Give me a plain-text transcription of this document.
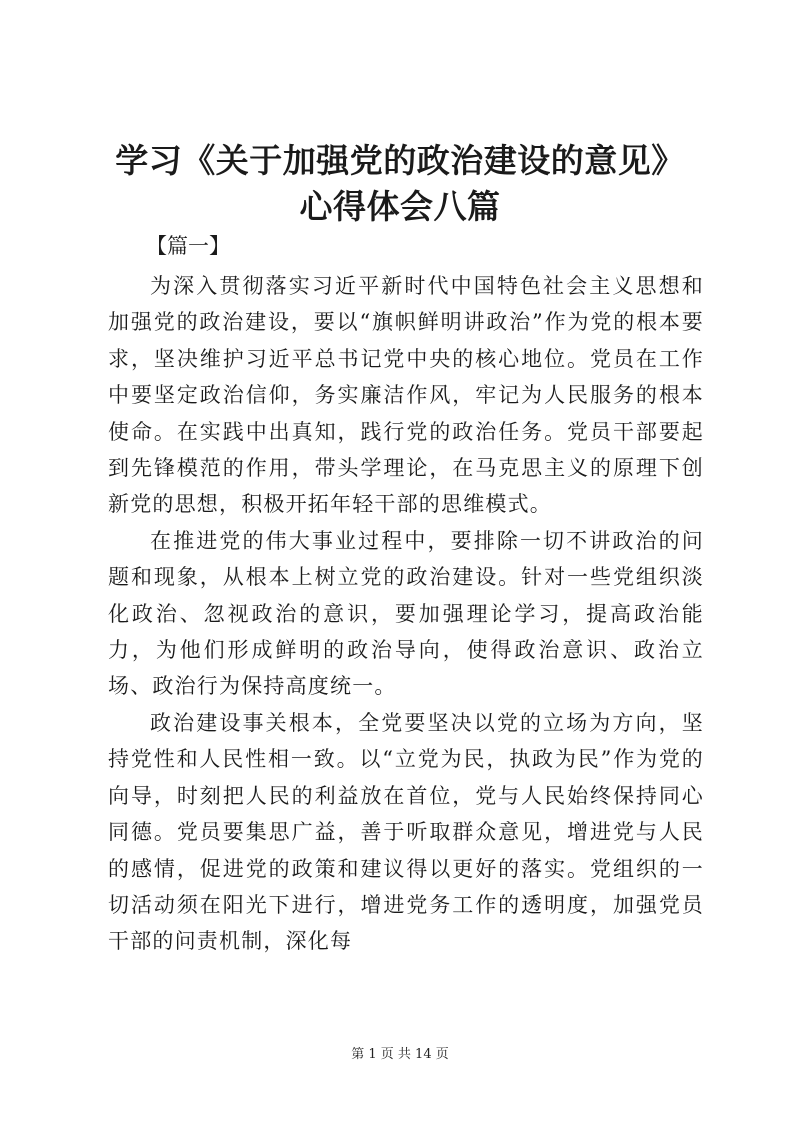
学习《关于加强党的政治建设的意见》心得体会八篇
【篇一】

为深入贯彻落实习近平新时代中国特色社会主义思想和加强党的政治建设，要以“旗帜鲜明讲政治”作为党的根本要求，坚决维护习近平总书记党中央的核心地位。党员在工作中要坚定政治信仰，务实廉洁作风，牢记为人民服务的根本使命。在实践中出真知，践行党的政治任务。党员干部要起到先锋模范的作用，带头学理论，在马克思主义的原理下创新党的思想，积极开拓年轻干部的思维模式。

在推进党的伟大事业过程中，要排除一切不讲政治的问题和现象，从根本上树立党的政治建设。针对一些党组织淡化政治、忽视政治的意识，要加强理论学习，提高政治能力，为他们形成鲜明的政治导向，使得政治意识、政治立场、政治行为保持高度统一。

政治建设事关根本，全党要坚决以党的立场为方向，坚持党性和人民性相一致。以“立党为民，执政为民”作为党的向导，时刻把人民的利益放在首位，党与人民始终保持同心同德。党员要集思广益，善于听取群众意见，增进党与人民的感情，促进党的政策和建议得以更好的落实。党组织的一切活动须在阳光下进行，增进党务工作的透明度，加强党员干部的问责机制，深化每

第 1 页 共 14 页
